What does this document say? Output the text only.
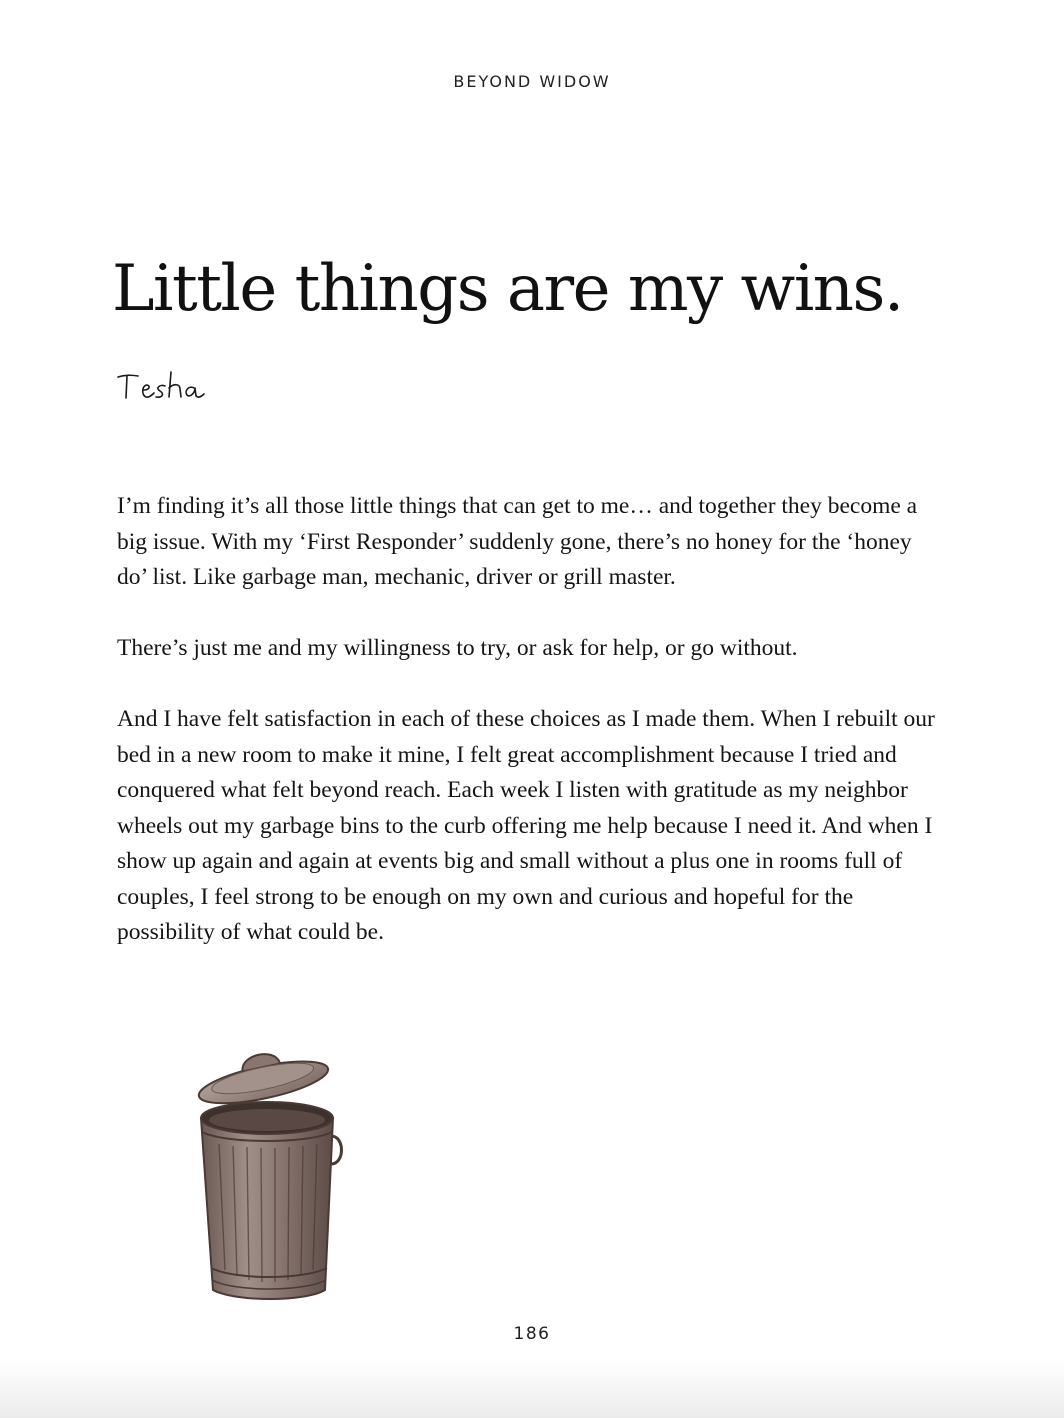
BEYOND WIDOW
Little things are my wins.
Tesha

I’m finding it’s all those little things that can get to me… and together they become a big issue. With my ‘First Responder’ suddenly gone, there’s no honey for the ‘honey do’ list. Like garbage man, mechanic, driver or grill master.

There’s just me and my willingness to try, or ask for help, or go without.

And I have felt satisfaction in each of these choices as I made them. When I rebuilt our bed in a new room to make it mine, I felt great accomplishment because I tried and conquered what felt beyond reach. Each week I listen with gratitude as my neighbor wheels out my garbage bins to the curb offering me help because I need it. And when I show up again and again at events big and small without a plus one in rooms full of couples, I feel strong to be enough on my own and curious and hopeful for the possibility of what could be.

186
